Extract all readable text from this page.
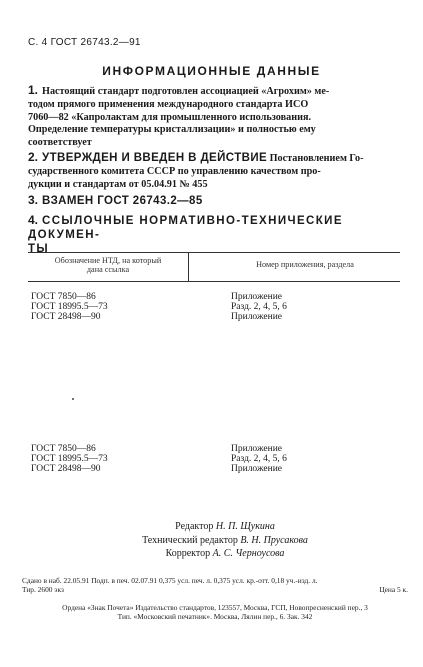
С. 4 ГОСТ 26743.2—91
ИНФОРМАЦИОННЫЕ ДАННЫЕ
1. Настоящий стандарт подготовлен ассоциацией «Агрохим» ме-
тодом прямого применения международного стандарта ИСО
7060—82 «Капролактам для промышленного использования.
Определение температуры кристаллизации» и полностью ему
соответствует
2. УТВЕРЖДЕН И ВВЕДЕН В ДЕЙСТВИЕ Постановлением Го-
сударственного комитета СССР по управлению качеством про-
дукции и стандартам от 05.04.91 № 455
3. ВЗАМЕН ГОСТ 26743.2—85
4. ССЫЛОЧНЫЕ НОРМАТИВНО-ТЕХНИЧЕСКИЕ ДОКУМЕН-
ТЫ
Обозначение НТД, на который
дана ссылка
Номер приложения, раздела
ГОСТ 7850—86	Приложение
ГОСТ 18995.5—73	Разд. 2, 4, 5, 6
ГОСТ 28498—90	Приложение
ГОСТ 7850—86	Приложение
ГОСТ 18995.5—73	Разд. 2, 4, 5, 6
ГОСТ 28498—90	Приложение
Редактор Н. П. Щукина
Технический редактор В. Н. Прусакова
Корректор А. С. Черноусова
Сдано в наб. 22.05.91 Подп. в печ. 02.07.91 0,375 усл. печ. л. 0,375 усл. кр.-отт. 0,18 уч.-изд. л.
Тир. 2600 экз	Цена 5 к.
Ордена «Знак Почета» Издательство стандартов, 123557, Москва, ГСП, Новопресненский пер., 3
Тип. «Московский печатник». Москва, Лялин пер., 6. Зак. 342
